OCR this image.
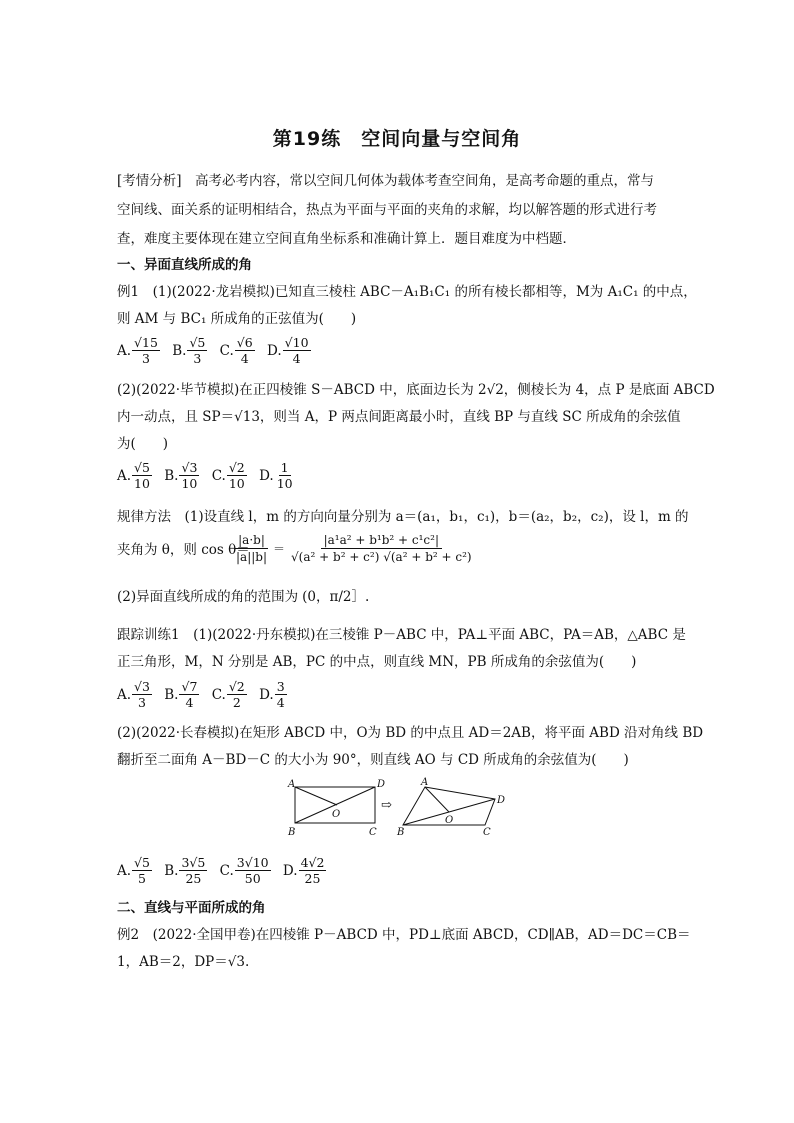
第19练　空间向量与空间角
[考情分析]　高考必考内容，常以空间几何体为载体考查空间角，是高考命题的重点，常与
空间线、面关系的证明相结合，热点为平面与平面的夹角的求解，均以解答题的形式进行考
查，难度主要体现在建立空间直角坐标系和准确计算上．题目难度为中档题．
一、异面直线所成的角
例1　(1)(2022·龙岩模拟)已知直三棱柱 ABC－A₁B₁C₁ 的所有棱长都相等，M为 A₁C₁ 的中点，
则 AM 与 BC₁ 所成角的正弦值为(　　)
A. $\frac{√15}{3}$
B. $\frac{√5}{3}$
C. $\frac{√6}{4}$
D. $\frac{√10}{4}$
(2)(2022·毕节模拟)在正四棱锥 S－ABCD 中，底面边长为 2√2，侧棱长为 4，点 P 是底面 ABCD
内一动点，且 SP＝√13，则当 A，P 两点间距离最小时，直线 BP 与直线 SC 所成角的余弦值
为(　　)
A. $\frac{√5}{10}$
B. $\frac{√3}{10}$
C. $\frac{√2}{10}$
D. $\frac{1}{10}$
规律方法　(1)设直线 l，m 的方向向量分别为 a＝(a₁，b₁，c₁)，b＝(a₂，b₂，c₂)，设 l，m 的
夹角为 θ，则 cos θ＝
$\frac{|a\cdot b|}{|a||b|} = \frac{\text{|a¹a² + b¹b² + c¹c²|}}{\text{√(a² + b² + c²) √(a² + b² + c²)}}$
(2)异面直线所成的角的范围为 (0，π/2］.
跟踪训练1　(1)(2022·丹东模拟)在三棱锥 P－ABC 中，PA⊥平面 ABC，PA＝AB，△ABC 是
正三角形，M，N 分别是 AB，PC 的中点，则直线 MN，PB 所成角的余弦值为(　　)
A. $\frac{√3}{3}$
B. $\frac{√7}{4}$
C. $\frac{√2}{2}$
D. $\frac{3}{4}$
(2)(2022·长春模拟)在矩形 ABCD 中，O为 BD 的中点且 AD＝2AB，将平面 ABD 沿对角线 BD
翻折至二面角 A－BD－C 的大小为 90°，则直线 AO 与 CD 所成角的余弦值为(　　)
A	D
B	C
O
A
D
B	C
O
⇨
A. $\frac{√5}{5}$
B. $\frac{3√5}{25}$
C. $\frac{3√10}{50}$
D. $\frac{4√2}{25}$
二、直线与平面所成的角
例2　(2022·全国甲卷)在四棱锥 P－ABCD 中，PD⊥底面 ABCD，CD∥AB，AD＝DC＝CB＝
1，AB＝2，DP＝√3.
